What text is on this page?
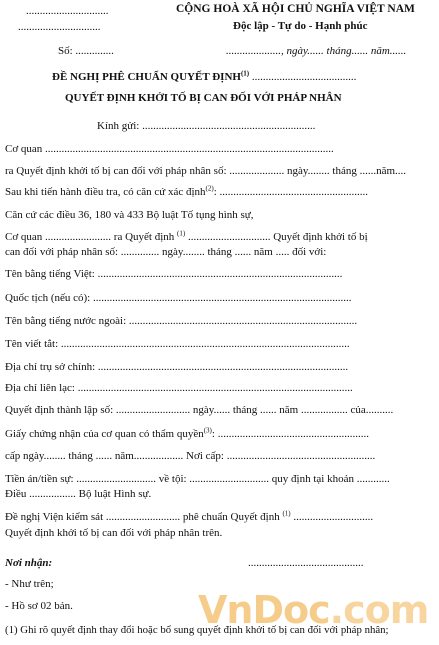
..............................
..............................
CỘNG HOÀ XÃ HỘI CHỦ NGHĨA VIỆT NAM
Độc lập - Tự do - Hạnh phúc
Số: ..............	...................., ngày...... tháng...... năm......
ĐỀ NGHỊ PHÊ CHUẨN QUYẾT ĐỊNH$^{(1)}$ ......................................
QUYẾT ĐỊNH KHỞI TỐ BỊ CAN ĐỐI VỚI PHÁP NHÂN
Kính gửi: ...............................................................
Cơ quan .........................................................................................................
ra Quyết định khởi tố bị can đối với pháp nhân số: .................... ngày........ tháng ......năm....
Sau khi tiến hành điều tra, có căn cứ xác định$^{(2)}$: ......................................................
Căn cứ các điều 36, 180 và 433 Bộ luật Tố tụng hình sự,
Cơ quan ........................ ra Quyết định $^{(1)}$ .............................. Quyết định khởi tố bị
can đối với pháp nhân số: .............. ngày........ tháng ...... năm ..... đối với:
Tên bằng tiếng Việt: .........................................................................................
Quốc tịch (nếu có): ..............................................................................................
Tên bằng tiếng nước ngoài: ...................................................................................
Tên viết tắt: .........................................................................................................
Địa chỉ trụ sở chính: ...........................................................................................
Địa chỉ liên lạc: ....................................................................................................
Quyết định thành lập số: ........................... ngày...... tháng ...... năm ................. của..........
Giấy chứng nhận của cơ quan có thẩm quyền$^{(3)}$: .......................................................
cấp ngày........ tháng ...... năm.................. Nơi cấp: ......................................................
Tiền án/tiền sự: ............................. về tội: ............................. quy định tại khoản ............
Điều ................. Bộ luật Hình sự.
Đề nghị Viện kiểm sát ........................... phê chuẩn Quyết định $^{(1)}$ .............................
Quyết định khởi tố bị can đối với pháp nhân trên.
Nơi nhận:	..........................................
- Như trên;
- Hồ sơ 02 bản.	VnDoc.com
(1) Ghi rõ quyết định thay đổi hoặc bổ sung quyết định khởi tố bị can đối với pháp nhân;
